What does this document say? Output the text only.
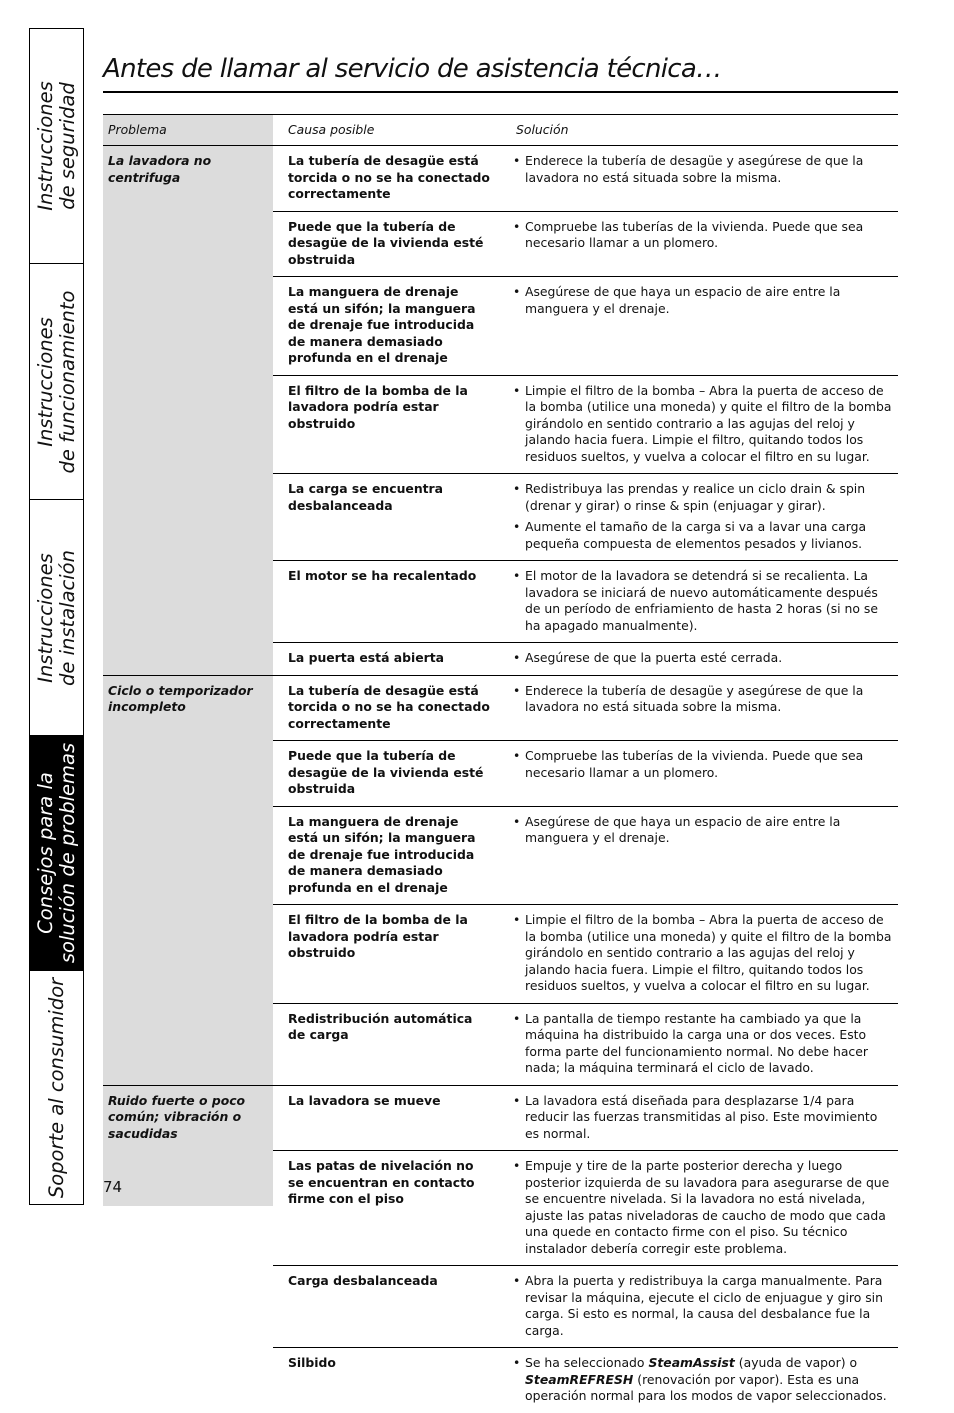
Instrucciones
de seguridad
Instrucciones
de funcionamiento
Instrucciones
de instalación
Consejos para la
solución de problemas
Soporte al consumidor
Antes de llamar al servicio de asistencia técnica…
Problema	Causa posible	Solución
La lavadora no centrifuga	La tubería de desagüe está torcida o no se ha conectado correctamente	• Enderece la tubería de desagüe y asegúrese de que la lavadora no está situada sobre la misma.

	Puede que la tubería de desagüe de la vivienda esté obstruida	• Compruebe las tuberías de la vivienda. Puede que sea necesario llamar a un plomero.

	La manguera de drenaje está un sifón; la manguera de drenaje fue introducida de manera demasiado profunda en el drenaje	• Asegúrese de que haya un espacio de aire entre la manguera y el drenaje.

	El filtro de la bomba de la lavadora podría estar obstruido	• Limpie el filtro de la bomba – Abra la puerta de acceso de la bomba (utilice una moneda) y quite el filtro de la bomba girándolo en sentido contrario a las agujas del reloj y jalando hacia fuera. Limpie el filtro, quitando todos los residuos sueltos, y vuelva a colocar el filtro en su lugar.

	La carga se encuentra desbalanceada	• Redistribuya las prendas y realice un ciclo drain & spin (drenar y girar) o rinse & spin (enjuagar y girar).
• Aumente el tamaño de la carga si va a lavar una carga pequeña compuesta de elementos pesados y livianos.

	El motor se ha recalentado	• El motor de la lavadora se detendrá si se recalienta. La lavadora se iniciará de nuevo automáticamente después de un período de enfriamiento de hasta 2 horas (si no se ha apagado manualmente).

	La puerta está abierta	• Asegúrese de que la puerta esté cerrada.

Ciclo o temporizador incompleto	La tubería de desagüe está torcida o no se ha conectado correctamente	• Enderece la tubería de desagüe y asegúrese de que la lavadora no está situada sobre la misma.

	Puede que la tubería de desagüe de la vivienda esté obstruida	• Compruebe las tuberías de la vivienda. Puede que sea necesario llamar a un plomero.

	La manguera de drenaje está un sifón; la manguera de drenaje fue introducida de manera demasiado profunda en el drenaje	• Asegúrese de que haya un espacio de aire entre la manguera y el drenaje.

	El filtro de la bomba de la lavadora podría estar obstruido	• Limpie el filtro de la bomba – Abra la puerta de acceso de la bomba (utilice una moneda) y quite el filtro de la bomba girándolo en sentido contrario a las agujas del reloj y jalando hacia fuera. Limpie el filtro, quitando todos los residuos sueltos, y vuelva a colocar el filtro en su lugar.

	Redistribución automática de carga	• La pantalla de tiempo restante ha cambiado ya que la máquina ha distribuido la carga una or dos veces. Esto forma parte del funcionamiento normal. No debe hacer nada; la máquina terminará el ciclo de lavado.

Ruido fuerte o poco común; vibración o sacudidas	La lavadora se mueve	• La lavadora está diseñada para desplazarse 1/4 para reducir las fuerzas transmitidas al piso. Este movimiento es normal.

	Las patas de nivelación no se encuentran en contacto firme con el piso	• Empuje y tire de la parte posterior derecha y luego posterior izquierda de su lavadora para asegurarse de que se encuentre nivelada. Si la lavadora no está nivelada, ajuste las patas niveladoras de caucho de modo que cada una quede en contacto firme con el piso. Su técnico instalador debería corregir este problema.

	Carga desbalanceada	• Abra la puerta y redistribuya la carga manualmente. Para revisar la máquina, ejecute el ciclo de enjuague y giro sin carga. Si esto es normal, la causa del desbalance fue la carga.

	Silbido	• Se ha seleccionado SteamAssist (ayuda de vapor) o SteamREFRESH (renovación por vapor). Esta es una operación normal para los modos de vapor seleccionados.
74
